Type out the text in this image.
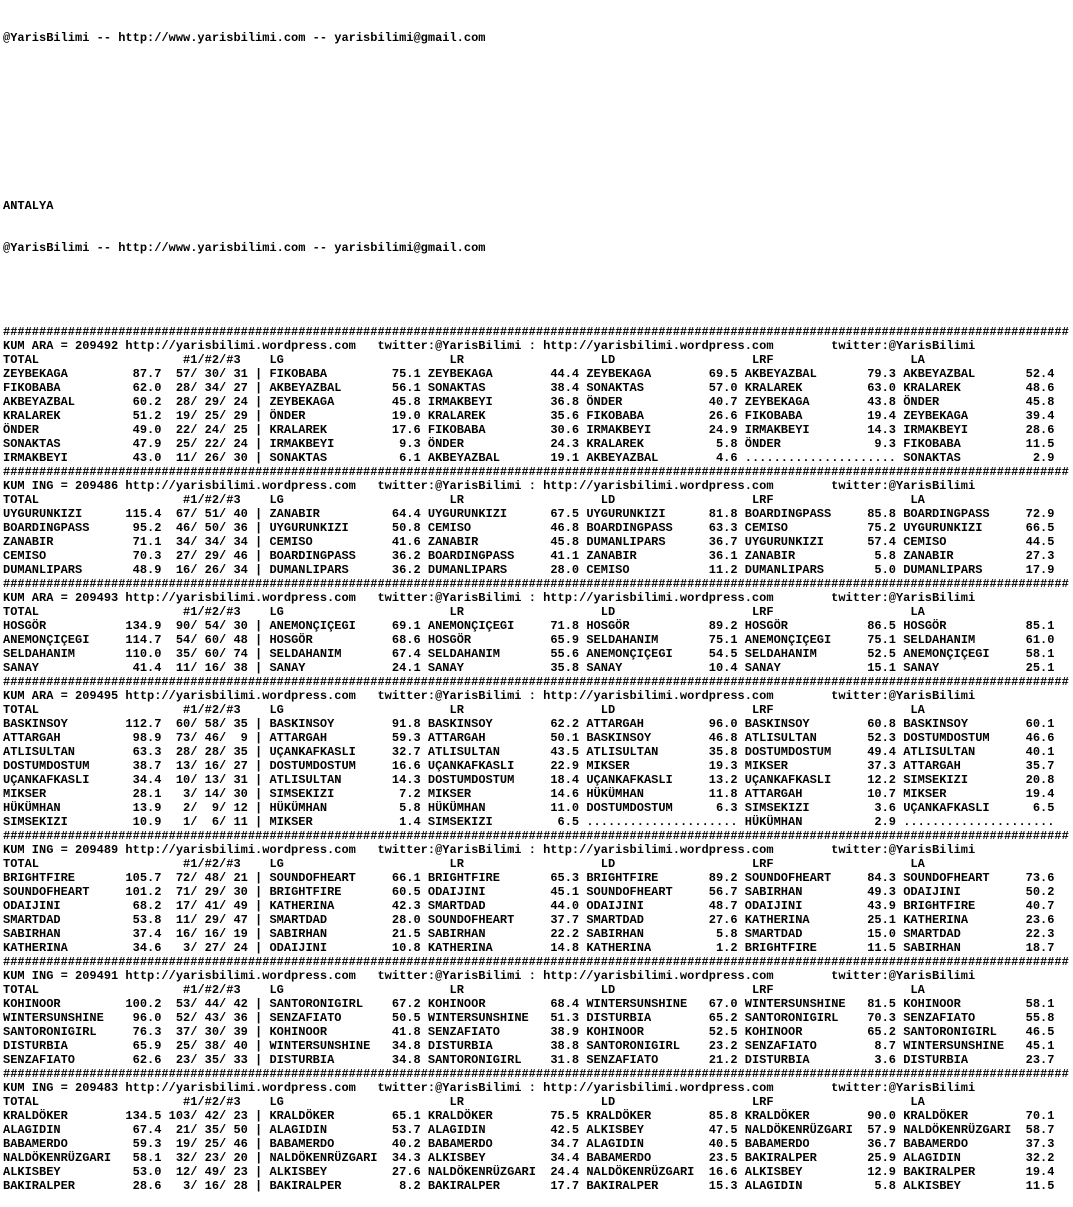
@YarisBilimi -- http://www.yarisbilimi.com -- yarisbilimi@gmail.com

ANTALYA

@YarisBilimi -- http://www.yarisbilimi.com -- yarisbilimi@gmail.com

####################################################################################################################################################
KUM ARA = 209492 http://yarisbilimi.wordpress.com twitter:@YarisBilimi : http://yarisbilimi.wordpress.com	twitter:@YarisBilimi
TOTAL	#1/#2/#3 LG	LR	LD	LRF	LA
ZEYBEKAGA         87.7  57/ 30/ 31 | FIKOBABA         75.1 ZEYBEKAGA        44.4 ZEYBEKAGA        69.5 AKBEYAZBAL       79.3 AKBEYAZBAL       52.4
FIKOBABA          62.0  28/ 34/ 27 | AKBEYAZBAL       56.1 SONAKTAS         38.4 SONAKTAS         57.0 KRALAREK         63.0 KRALAREK         48.6
AKBEYAZBAL        60.2  28/ 29/ 24 | ZEYBEKAGA        45.8 IRMAKBEYI        36.8 ÖNDER            40.7 ZEYBEKAGA        43.8 ÖNDER            45.8
KRALAREK          51.2  19/ 25/ 29 | ÖNDER            19.0 KRALAREK         35.6 FIKOBABA         26.6 FIKOBABA         19.4 ZEYBEKAGA        39.4
ÖNDER             49.0  22/ 24/ 25 | KRALAREK         17.6 FIKOBABA         30.6 IRMAKBEYI        24.9 IRMAKBEYI        14.3 IRMAKBEYI        28.6
SONAKTAS          47.9  25/ 22/ 24 | IRMAKBEYI         9.3 ÖNDER            24.3 KRALAREK          5.8 ÖNDER             9.3 FIKOBABA         11.5
IRMAKBEYI         43.0  11/ 26/ 30 | SONAKTAS          6.1 AKBEYAZBAL       19.1 AKBEYAZBAL        4.6 ..................... SONAKTAS          2.9
####################################################################################################################################################
KUM ING = 209486 http://yarisbilimi.wordpress.com twitter:@YarisBilimi : http://yarisbilimi.wordpress.com	twitter:@YarisBilimi
TOTAL	#1/#2/#3 LG	LR	LD	LRF	LA
UYGURUNKIZI      115.4  67/ 51/ 40 | ZANABIR          64.4 UYGURUNKIZI      67.5 UYGURUNKIZI      81.8 BOARDINGPASS     85.8 BOARDINGPASS     72.9
BOARDINGPASS      95.2  46/ 50/ 36 | UYGURUNKIZI      50.8 CEMISO           46.8 BOARDINGPASS     63.3 CEMISO           75.2 UYGURUNKIZI      66.5
ZANABIR           71.1  34/ 34/ 34 | CEMISO           41.6 ZANABIR          45.8 DUMANLIPARS      36.7 UYGURUNKIZI      57.4 CEMISO           44.5
CEMISO            70.3  27/ 29/ 46 | BOARDINGPASS     36.2 BOARDINGPASS     41.1 ZANABIR          36.1 ZANABIR           5.8 ZANABIR          27.3
DUMANLIPARS       48.9  16/ 26/ 34 | DUMANLIPARS      36.2 DUMANLIPARS      28.0 CEMISO           11.2 DUMANLIPARS       5.0 DUMANLIPARS      17.9
####################################################################################################################################################
KUM ARA = 209493 http://yarisbilimi.wordpress.com twitter:@YarisBilimi : http://yarisbilimi.wordpress.com	twitter:@YarisBilimi
TOTAL	#1/#2/#3 LG	LR	LD	LRF	LA
HOSGÖR           134.9  90/ 54/ 30 | ANEMONÇIÇEGI     69.1 ANEMONÇIÇEGI     71.8 HOSGÖR           89.2 HOSGÖR           86.5 HOSGÖR           85.1
ANEMONÇIÇEGI     114.7  54/ 60/ 48 | HOSGÖR           68.6 HOSGÖR           65.9 SELDAHANIM       75.1 ANEMONÇIÇEGI     75.1 SELDAHANIM       61.0
SELDAHANIM       110.0  35/ 60/ 74 | SELDAHANIM       67.4 SELDAHANIM       55.6 ANEMONÇIÇEGI     54.5 SELDAHANIM       52.5 ANEMONÇIÇEGI     58.1
SANAY             41.4  11/ 16/ 38 | SANAY            24.1 SANAY            35.8 SANAY            10.4 SANAY            15.1 SANAY            25.1
####################################################################################################################################################
KUM ARA = 209495 http://yarisbilimi.wordpress.com twitter:@YarisBilimi : http://yarisbilimi.wordpress.com	twitter:@YarisBilimi
TOTAL	#1/#2/#3 LG	LR	LD	LRF	LA
BASKINSOY        112.7  60/ 58/ 35 | BASKINSOY        91.8 BASKINSOY        62.2 ATTARGAH         96.0 BASKINSOY        60.8 BASKINSOY        60.1
ATTARGAH          98.9  73/ 46/  9 | ATTARGAH         59.3 ATTARGAH         50.1 BASKINSOY        46.8 ATLISULTAN       52.3 DOSTUMDOSTUM     46.6
ATLISULTAN        63.3  28/ 28/ 35 | UÇANKAFKASLI     32.7 ATLISULTAN       43.5 ATLISULTAN       35.8 DOSTUMDOSTUM     49.4 ATLISULTAN       40.1
DOSTUMDOSTUM      38.7  13/ 16/ 27 | DOSTUMDOSTUM     16.6 UÇANKAFKASLI     22.9 MIKSER           19.3 MIKSER           37.3 ATTARGAH         35.7
UÇANKAFKASLI      34.4  10/ 13/ 31 | ATLISULTAN       14.3 DOSTUMDOSTUM     18.4 UÇANKAFKASLI     13.2 UÇANKAFKASLI     12.2 SIMSEKIZI        20.8
MIKSER            28.1   3/ 14/ 30 | SIMSEKIZI         7.2 MIKSER           14.6 HÜKÜMHAN         11.8 ATTARGAH         10.7 MIKSER           19.4
HÜKÜMHAN          13.9   2/  9/ 12 | HÜKÜMHAN          5.8 HÜKÜMHAN         11.0 DOSTUMDOSTUM      6.3 SIMSEKIZI         3.6 UÇANKAFKASLI      6.5
SIMSEKIZI         10.9   1/  6/ 11 | MIKSER            1.4 SIMSEKIZI         6.5 ..................... HÜKÜMHAN          2.9 .....................
####################################################################################################################################################
KUM ING = 209489 http://yarisbilimi.wordpress.com twitter:@YarisBilimi : http://yarisbilimi.wordpress.com	twitter:@YarisBilimi
TOTAL	#1/#2/#3 LG	LR	LD	LRF	LA
BRIGHTFIRE       105.7  72/ 48/ 21 | SOUNDOFHEART     66.1 BRIGHTFIRE       65.3 BRIGHTFIRE       89.2 SOUNDOFHEART     84.3 SOUNDOFHEART     73.6
SOUNDOFHEART     101.2  71/ 29/ 30 | BRIGHTFIRE       60.5 ODAIJINI         45.1 SOUNDOFHEART     56.7 SABIRHAN         49.3 ODAIJINI         50.2
ODAIJINI          68.2  17/ 41/ 49 | KATHERINA        42.3 SMARTDAD         44.0 ODAIJINI         48.7 ODAIJINI         43.9 BRIGHTFIRE       40.7
SMARTDAD          53.8  11/ 29/ 47 | SMARTDAD         28.0 SOUNDOFHEART     37.7 SMARTDAD         27.6 KATHERINA        25.1 KATHERINA        23.6
SABIRHAN          37.4  16/ 16/ 19 | SABIRHAN         21.5 SABIRHAN         22.2 SABIRHAN          5.8 SMARTDAD         15.0 SMARTDAD         22.3
KATHERINA         34.6   3/ 27/ 24 | ODAIJINI         10.8 KATHERINA        14.8 KATHERINA         1.2 BRIGHTFIRE       11.5 SABIRHAN         18.7
####################################################################################################################################################
KUM ING = 209491 http://yarisbilimi.wordpress.com twitter:@YarisBilimi : http://yarisbilimi.wordpress.com	twitter:@YarisBilimi
TOTAL	#1/#2/#3 LG	LR	LD	LRF	LA
KOHINOOR         100.2  53/ 44/ 42 | SANTORONIGIRL    67.2 KOHINOOR         68.4 WINTERSUNSHINE   67.0 WINTERSUNSHINE   81.5 KOHINOOR         58.1
WINTERSUNSHINE    96.0  52/ 43/ 36 | SENZAFIATO       50.5 WINTERSUNSHINE   51.3 DISTURBIA        65.2 SANTORONIGIRL    70.3 SENZAFIATO       55.8
SANTORONIGIRL     76.3  37/ 30/ 39 | KOHINOOR         41.8 SENZAFIATO       38.9 KOHINOOR         52.5 KOHINOOR         65.2 SANTORONIGIRL    46.5
DISTURBIA         65.9  25/ 38/ 40 | WINTERSUNSHINE   34.8 DISTURBIA        38.8 SANTORONIGIRL    23.2 SENZAFIATO        8.7 WINTERSUNSHINE   45.1
SENZAFIATO        62.6  23/ 35/ 33 | DISTURBIA        34.8 SANTORONIGIRL    31.8 SENZAFIATO       21.2 DISTURBIA         3.6 DISTURBIA        23.7
####################################################################################################################################################
KUM ING = 209483 http://yarisbilimi.wordpress.com twitter:@YarisBilimi : http://yarisbilimi.wordpress.com	twitter:@YarisBilimi
TOTAL	#1/#2/#3 LG	LR	LD	LRF	LA
KRALDÖKER        134.5 103/ 42/ 23 | KRALDÖKER        65.1 KRALDÖKER        75.5 KRALDÖKER        85.8 KRALDÖKER        90.0 KRALDÖKER        70.1
ALAGIDIN          67.4  21/ 35/ 50 | ALAGIDIN         53.7 ALAGIDIN         42.5 ALKISBEY         47.5 NALDÖKENRÜZGARI  57.9 NALDÖKENRÜZGARI  58.7
BABAMERDO         59.3  19/ 25/ 46 | BABAMERDO        40.2 BABAMERDO        34.7 ALAGIDIN         40.5 BABAMERDO        36.7 BABAMERDO        37.3
NALDÖKENRÜZGARI   58.1  32/ 23/ 20 | NALDÖKENRÜZGARI  34.3 ALKISBEY         34.4 BABAMERDO        23.5 BAKIRALPER       25.9 ALAGIDIN         32.2
ALKISBEY          53.0  12/ 49/ 23 | ALKISBEY         27.6 NALDÖKENRÜZGARI  24.4 NALDÖKENRÜZGARI  16.6 ALKISBEY         12.9 BAKIRALPER       19.4
BAKIRALPER        28.6   3/ 16/ 28 | BAKIRALPER        8.2 BAKIRALPER       17.7 BAKIRALPER       15.3 ALAGIDIN          5.8 ALKISBEY         11.5
